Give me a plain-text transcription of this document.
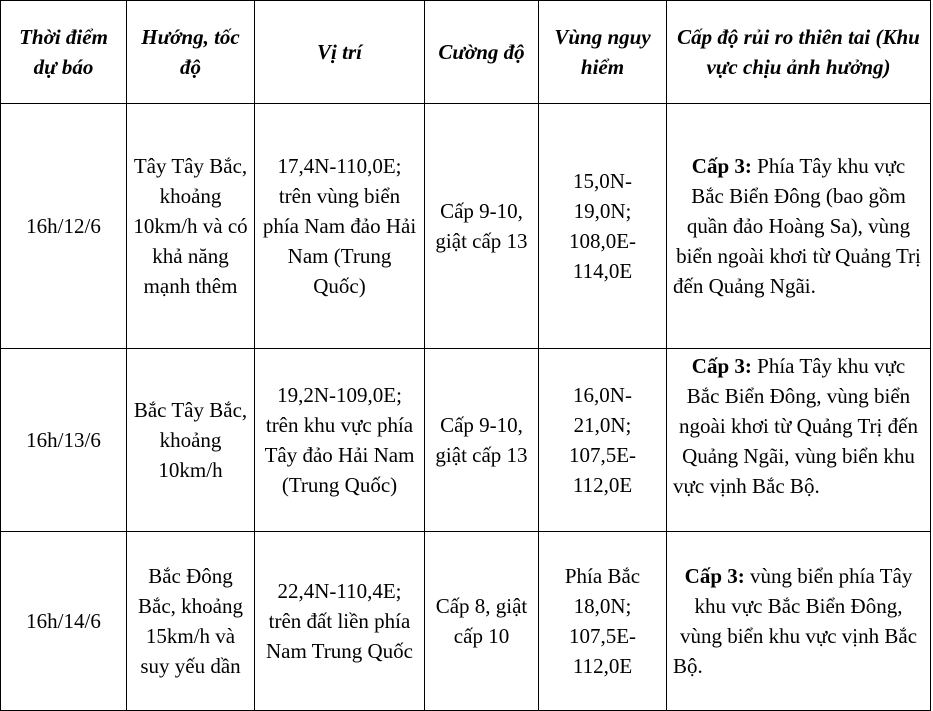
Thời điểm dự báo	Hướng, tốc độ	Vị trí	Cường độ	Vùng nguy hiểm	Cấp độ rủi ro thiên tai (Khu vực chịu ảnh hưởng)
16h/12/6	Tây Tây Bắc, khoảng 10km/h và có khả năng mạnh thêm	17,4N-110,0E; trên vùng biển phía Nam đảo Hải Nam (Trung Quốc)	Cấp 9-10, giật cấp 13	15,0N-19,0N; 108,0E-114,0E	Cấp 3: Phía Tây khu vực Bắc Biển Đông (bao gồm quần đảo Hoàng Sa), vùng biển ngoài khơi từ Quảng Trị đến Quảng Ngãi.
16h/13/6	Bắc Tây Bắc, khoảng 10km/h	19,2N-109,0E; trên khu vực phía Tây đảo Hải Nam (Trung Quốc)	Cấp 9-10, giật cấp 13	16,0N-21,0N; 107,5E-112,0E	Cấp 3: Phía Tây khu vực Bắc Biển Đông, vùng biển ngoài khơi từ Quảng Trị đến Quảng Ngãi, vùng biển khu vực vịnh Bắc Bộ.
16h/14/6	Bắc Đông Bắc, khoảng 15km/h và suy yếu dần	22,4N-110,4E; trên đất liền phía Nam Trung Quốc	Cấp 8, giật cấp 10	Phía Bắc 18,0N; 107,5E-112,0E	Cấp 3: vùng biển phía Tây khu vực Bắc Biển Đông, vùng biển khu vực vịnh Bắc Bộ.
